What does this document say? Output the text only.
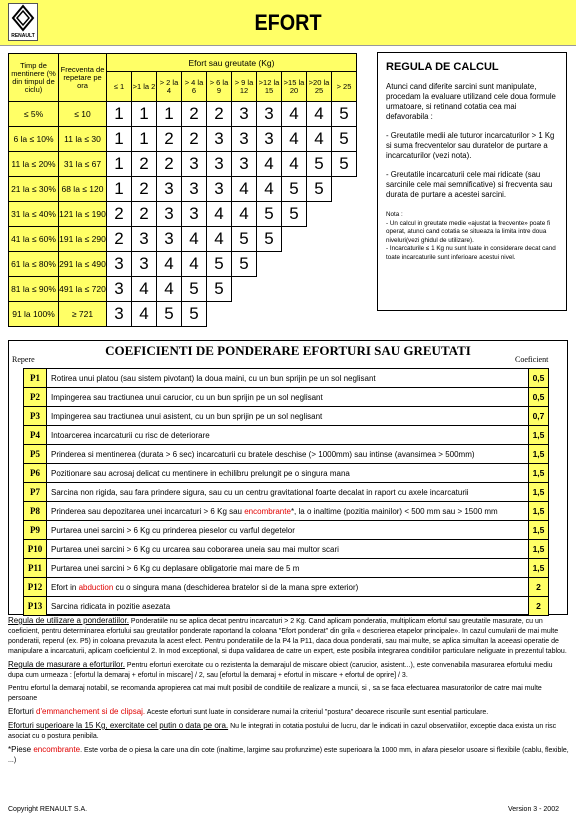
RENAULT
EFORT
Timp de mentinere (% din timpul de ciclu)	Frecventa de repetare pe ora	Efort sau greutate (Kg)									
		≤ 1	>1 la 2	> 2 la 4	> 4 la 6	> 6 la 9	> 9 la 12	>12 la 15	>15 la 20	>20 la 25	> 25
≤ 5%	≤ 10	1	1	1	2	2	3	3	4	4	5
6 la ≤ 10%	11 la ≤ 30	1	1	2	2	3	3	3	4	4	5
11 la ≤ 20%	31 la ≤ 67	1	2	2	3	3	3	4	4	5	5
21 la ≤ 30%	68 la ≤ 120	1	2	3	3	3	4	4	5	5	
31 la ≤ 40%	121 la ≤ 190	2	2	3	3	4	4	5	5		
41 la ≤ 60%	191 la ≤ 290	2	3	3	4	4	5	5			
61 la ≤ 80%	291 la ≤ 490	3	3	4	4	5	5				
81 la ≤ 90%	491 la ≤ 720	3	4	4	5	5					
91 la 100%	≥ 721	3	4	5	5						
REGULA DE CALCUL
Atunci cand diferite sarcini sunt manipulate, procedam la evaluare utilizand cele doua formule urmatoare, si retinand cotatia cea mai defavorabila :
- Greutatile medii ale tuturor incarcaturilor > 1 Kg si suma frecventelor sau duratelor de purtare a incarcaturilor (vezi nota).
- Greutatile incarcaturii cele mai ridicate (sau sarcinile cele mai semnificative) si frecventa sau durata de purtare a acestei sarcini.
Nota :
- Un calcul in greutate medie «ajustat la frecvente» poate fi operat, atunci cand cotatia se situeaza la limita intre doua niveluri(vezi ghidul de utilizare).
- Incarcaturile ≤ 1 Kg nu sunt luate in considerare decat cand toate incarcaturile sunt inferioare acestui nivel.
COEFICIENTI DE PONDERARE EFORTURI SAU GREUTATI
Repere	Coeficient
P1	Rotirea unui platou (sau sistem pivotant) la doua maini, cu un bun sprijin pe un sol neglisant	0,5
P2	Impingerea sau tractiunea unui carucior, cu un bun sprijin pe un sol neglisant	0,5
P3	Impingerea sau tractiunea unui asistent, cu un bun sprijin pe un sol neglisant	0,7
P4	Intoarcerea incarcaturii cu risc de deteriorare	1,5
P5	Prinderea si mentinerea (durata > 6 sec) incarcaturii cu bratele deschise (> 1000mm) sau intinse (avansimea > 500mm)	1,5
P6	Pozitionare sau acrosaj delicat cu mentinere in echilibru prelungit pe o singura mana	1,5
P7	Sarcina non rigida, sau fara prindere sigura, sau cu un centru gravitational foarte decalat in raport cu axele incarcaturii	1,5
P8	Prinderea sau depozitarea unei incarcaturi > 6 Kg sau encombrante*, la o inaltime (pozitia mainilor) < 500 mm sau > 1500 mm	1,5
P9	Purtarea unei sarcini > 6 Kg cu prinderea pieselor cu varful degetelor	1,5
P10	Purtarea unei sarcini > 6 Kg cu urcarea sau coborarea uneia sau mai multor scari	1,5
P11	Purtarea unei sarcini > 6 Kg cu deplasare obligatorie mai mare de 5 m	1,5
P12	Efort in abduction cu o singura mana (deschiderea bratelor si de la mana spre exterior)	2
P13	Sarcina ridicata in pozitie asezata	2
Regula de utilizare a ponderatiilor. Ponderatiile nu se aplica decat pentru incarcaturi > 2 Kg. Cand aplicam ponderatia, multiplicam efortul sau greutatile masurate, cu un coeficient, pentru determinarea efortului sau greutatilor ponderate raportand la coloana "Efort ponderat" din grila « descrierea etapelor principale». In cazul cumularii de mai multe ponderatii, reperul (ex. P5) in coloana prevazuta la acest efect. Pentru ponderatiile de la P4 la P11, daca doua ponderatii, sau mai multe, se aplica simultan la aceeasi operatie de manipulare a incarcaturii, aplicam coeficientul 2. In mod exceptional, si dupa validarea de catre un expert, este posibila integrarea conditiilor particulare neliguate in prezentul tablou.
Regula de masurare a eforturilor. Pentru eforturi exercitate cu o rezistenta la demarajul de miscare obiect (carucior, asistent...), este convenabila masurarea efortului mediu dupa cum urmeaza : [efortul la demaraj + efortul in miscare] / 2, sau [efortul la demaraj + efortul in miscare + efortul de oprire] / 3.
Pentru efortul la demaraj notabil, se recomanda apropierea cat mai mult posibil de conditiile de realizare a muncii, si , sa se faca efectuarea masuratorilor de catre mai multe persoane
Eforturi d'emmanchement si de clipsaj. Aceste eforturi sunt luate in considerare numai la criteriul "postura" deoarece riscurile sunt esential particulare.
Eforturi superioare la 15 Kg, exercitate cel putin o data pe ora. Nu le integrati in cotatia postului de lucru, dar le indicati in cazul observatiilor, exceptie daca exista un risc asociat cu o postura penibila.
*Piese encombrante. Este vorba de o piesa la care una din cote (inaltime, largime sau profunzime) este superioara la 1000 mm, in afara pieselor usoare si flexibile (cablu, flexible, ...)
Copyright RENAULT S.A.	Version 3 - 2002
